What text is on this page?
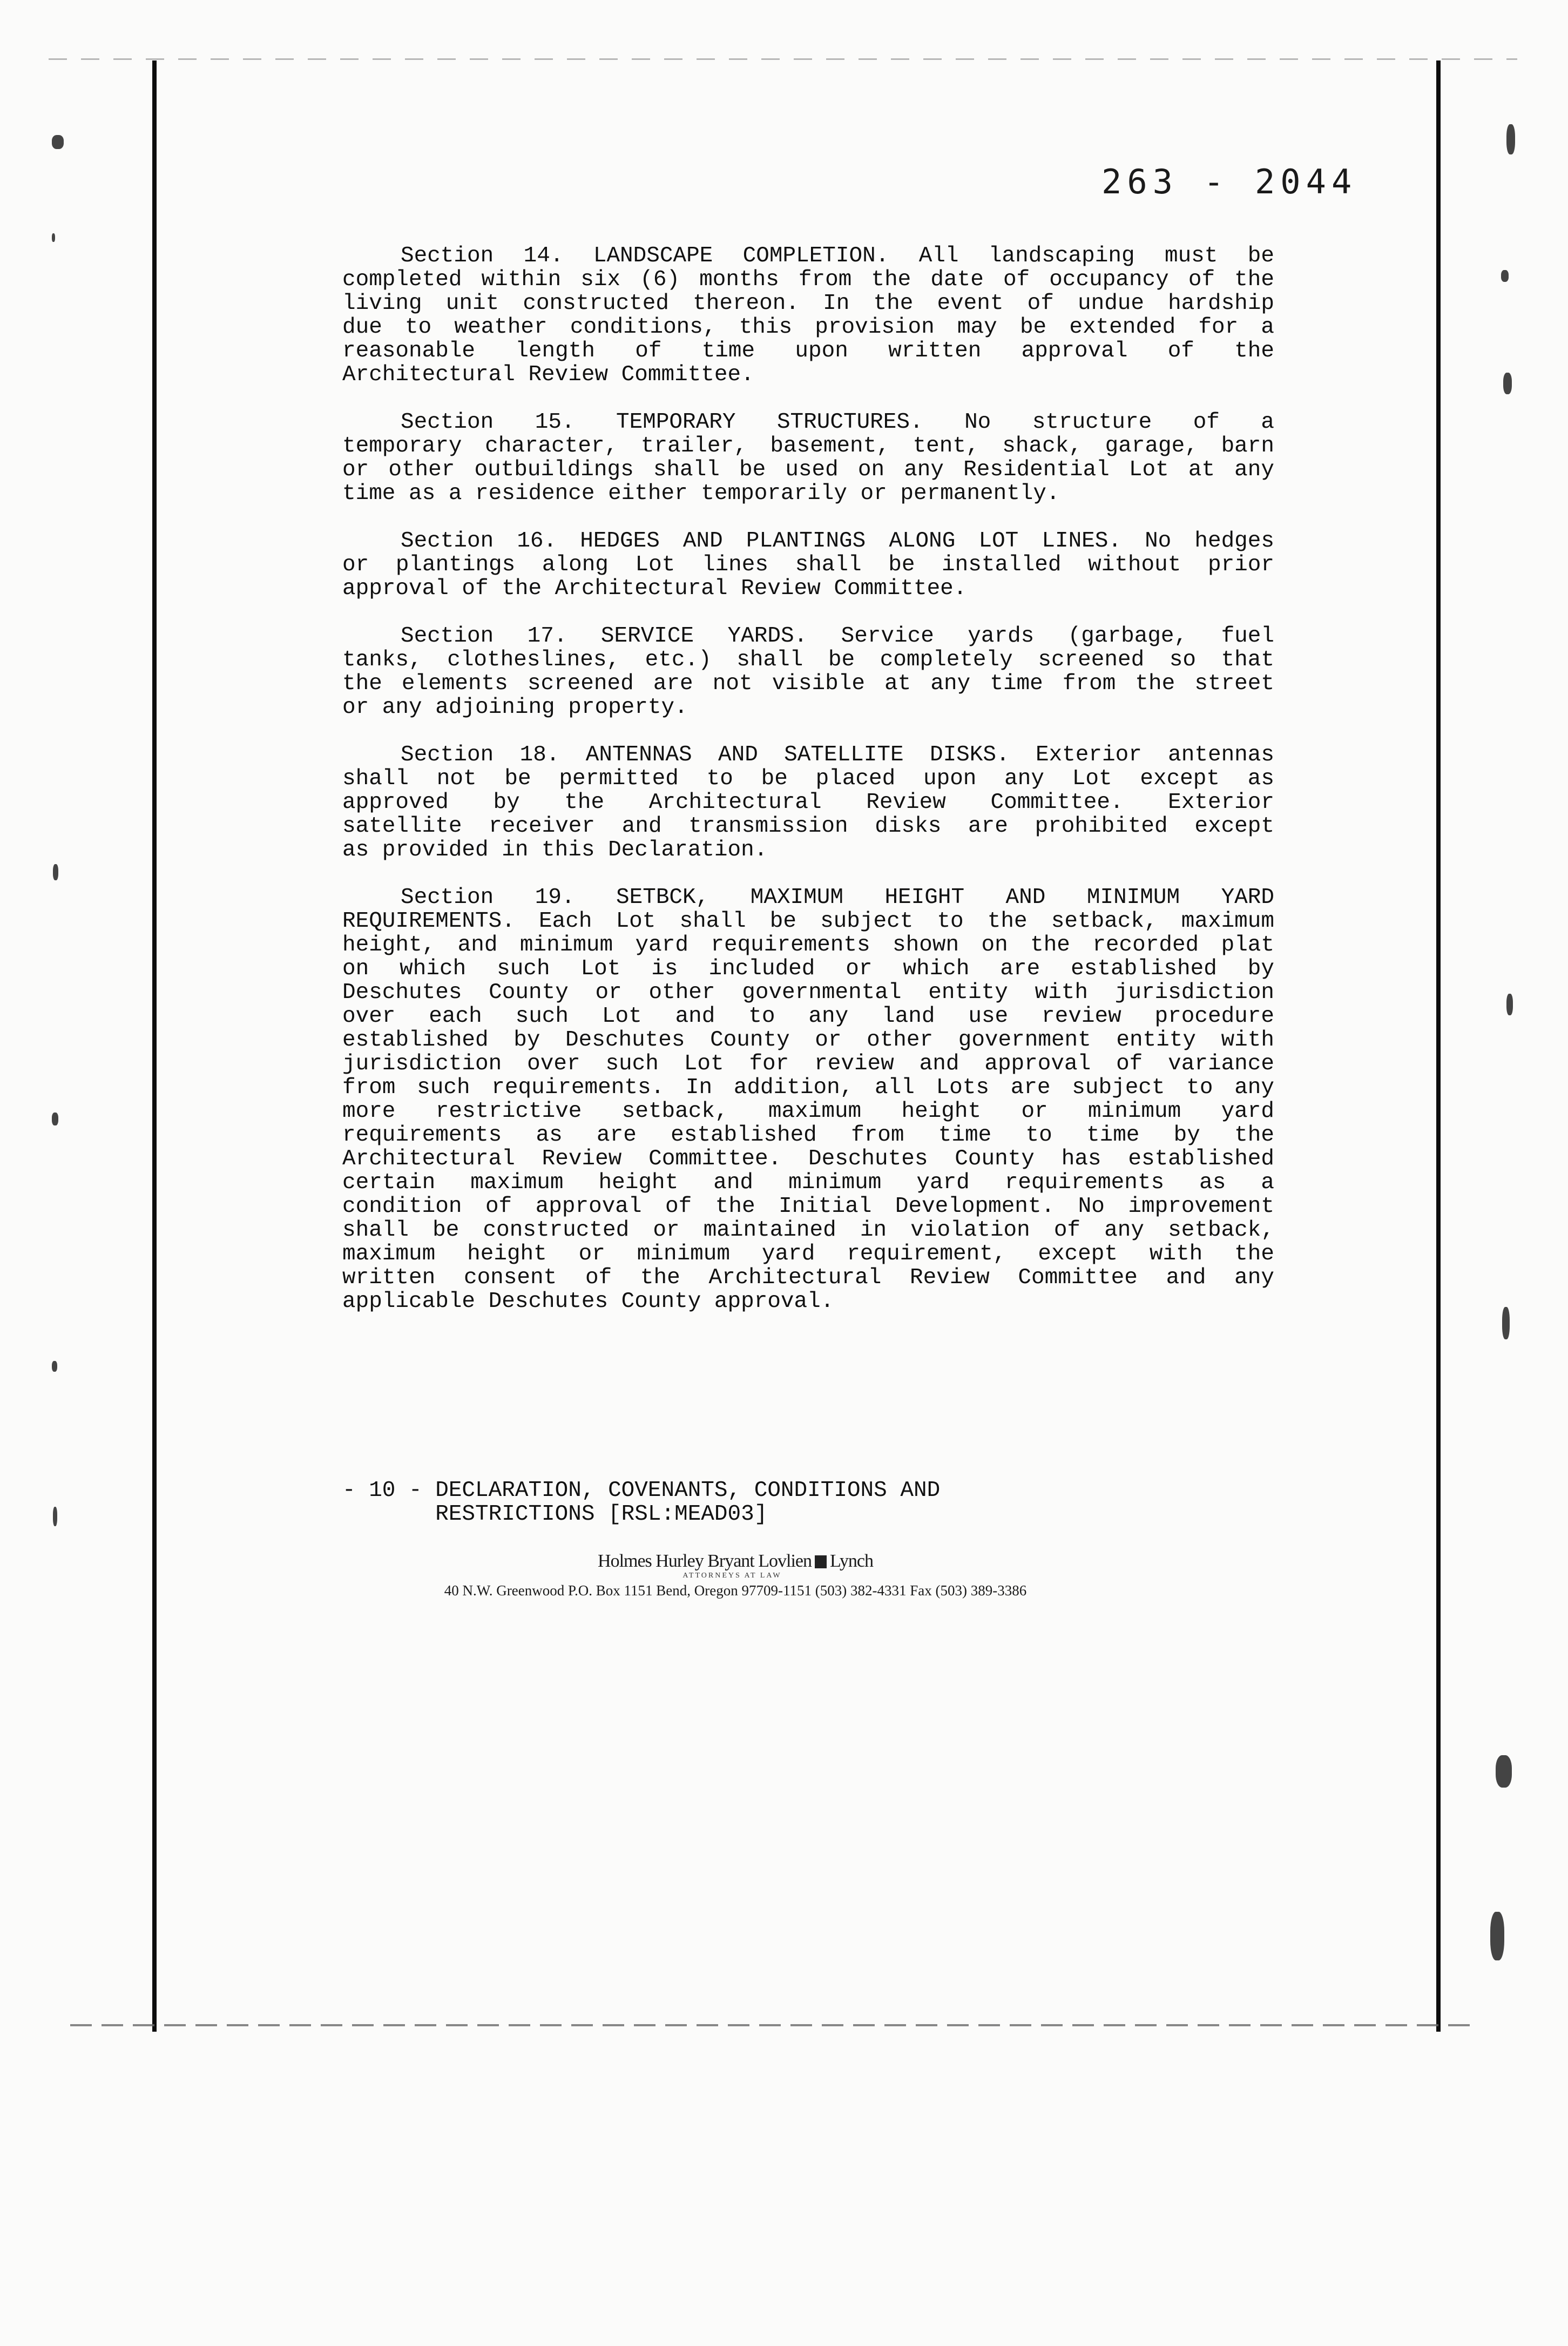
263 - 2044
Section 14. LANDSCAPE COMPLETION. All landscaping must be
completed within six (6) months from the date of occupancy of the
living unit constructed thereon. In the event of undue hardship
due to weather conditions, this provision may be extended for a
reasonable length of time upon written approval of the
Architectural Review Committee.
Section 15. TEMPORARY STRUCTURES. No structure of a
temporary character, trailer, basement, tent, shack, garage, barn
or other outbuildings shall be used on any Residential Lot at any
time as a residence either temporarily or permanently.
Section 16. HEDGES AND PLANTINGS ALONG LOT LINES. No hedges
or plantings along Lot lines shall be installed without prior
approval of the Architectural Review Committee.
Section 17. SERVICE YARDS. Service yards (garbage, fuel
tanks, clotheslines, etc.) shall be completely screened so that
the elements screened are not visible at any time from the street
or any adjoining property.
Section 18. ANTENNAS AND SATELLITE DISKS. Exterior antennas
shall not be permitted to be placed upon any Lot except as
approved by the Architectural Review Committee. Exterior
satellite receiver and transmission disks are prohibited except
as provided in this Declaration.
Section 19. SETBCK, MAXIMUM HEIGHT AND MINIMUM YARD
REQUIREMENTS. Each Lot shall be subject to the setback, maximum
height, and minimum yard requirements shown on the recorded plat
on which such Lot is included or which are established by
Deschutes County or other governmental entity with jurisdiction
over each such Lot and to any land use review procedure
established by Deschutes County or other government entity with
jurisdiction over such Lot for review and approval of variance
from such requirements. In addition, all Lots are subject to any
more restrictive setback, maximum height or minimum yard
requirements as are established from time to time by the
Architectural Review Committee. Deschutes County has established
certain maximum height and minimum yard requirements as a
condition of approval of the Initial Development. No improvement
shall be constructed or maintained in violation of any setback,
maximum height or minimum yard requirement, except with the
written consent of the Architectural Review Committee and any
applicable Deschutes County approval.
- 10 - DECLARATION, COVENANTS, CONDITIONS AND
RESTRICTIONS [RSL:MEAD03]
Holmes Hurley Bryant Lovlien Lynch
ATTORNEYS AT LAW
40 N.W. Greenwood P.O. Box 1151 Bend, Oregon 97709-1151 (503) 382-4331 Fax (503) 389-3386
